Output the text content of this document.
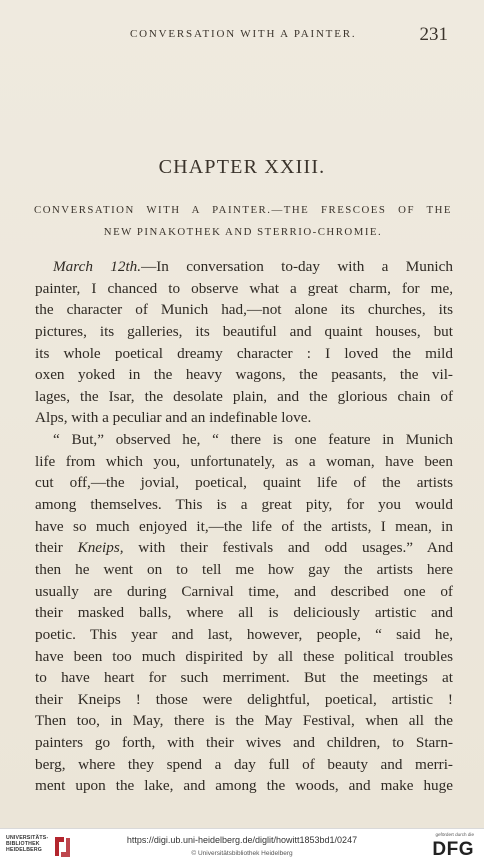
CONVERSATION WITH A PAINTER.	231
CHAPTER XXIII.
CONVERSATION WITH A PAINTER.—THE FRESCOES OF THE
NEW PINAKOTHEK AND STERRIO-CHROMIE.
March 12th.—In conversation to-day with a Munich
painter, I chanced to observe what a great charm, for me,
the character of Munich had,—not alone its churches, its
pictures, its galleries, its beautiful and quaint houses, but
its whole poetical dreamy character : I loved the mild
oxen yoked in the heavy wagons, the peasants, the vil-
lages, the Isar, the desolate plain, and the glorious chain of
Alps, with a peculiar and an indefinable love.
“ But,” observed he, “ there is one feature in Munich
life from which you, unfortunately, as a woman, have been
cut off,—the jovial, poetical, quaint life of the artists
among themselves. This is a great pity, for you would
have so much enjoyed it,—the life of the artists, I mean, in
their Kneips, with their festivals and odd usages.” And
then he went on to tell me how gay the artists here
usually are during Carnival time, and described one of
their masked balls, where all is deliciously artistic and
poetic. This year and last, however, people, “ said he,
have been too much dispirited by all these political troubles
to have heart for such merriment. But the meetings at
their Kneips ! those were delightful, poetical, artistic !
Then too, in May, there is the May Festival, when all the
painters go forth, with their wives and children, to Starn-
berg, where they spend a day full of beauty and merri-
ment upon the lake, and among the woods, and make huge
UNIVERSITÄTS-
BIBLIOTHEK
HEIDELBERG
https://digi.ub.uni-heidelberg.de/diglit/howitt1853bd1/0247
© Universitätsbibliothek Heidelberg
gefördert durch die
DFG
